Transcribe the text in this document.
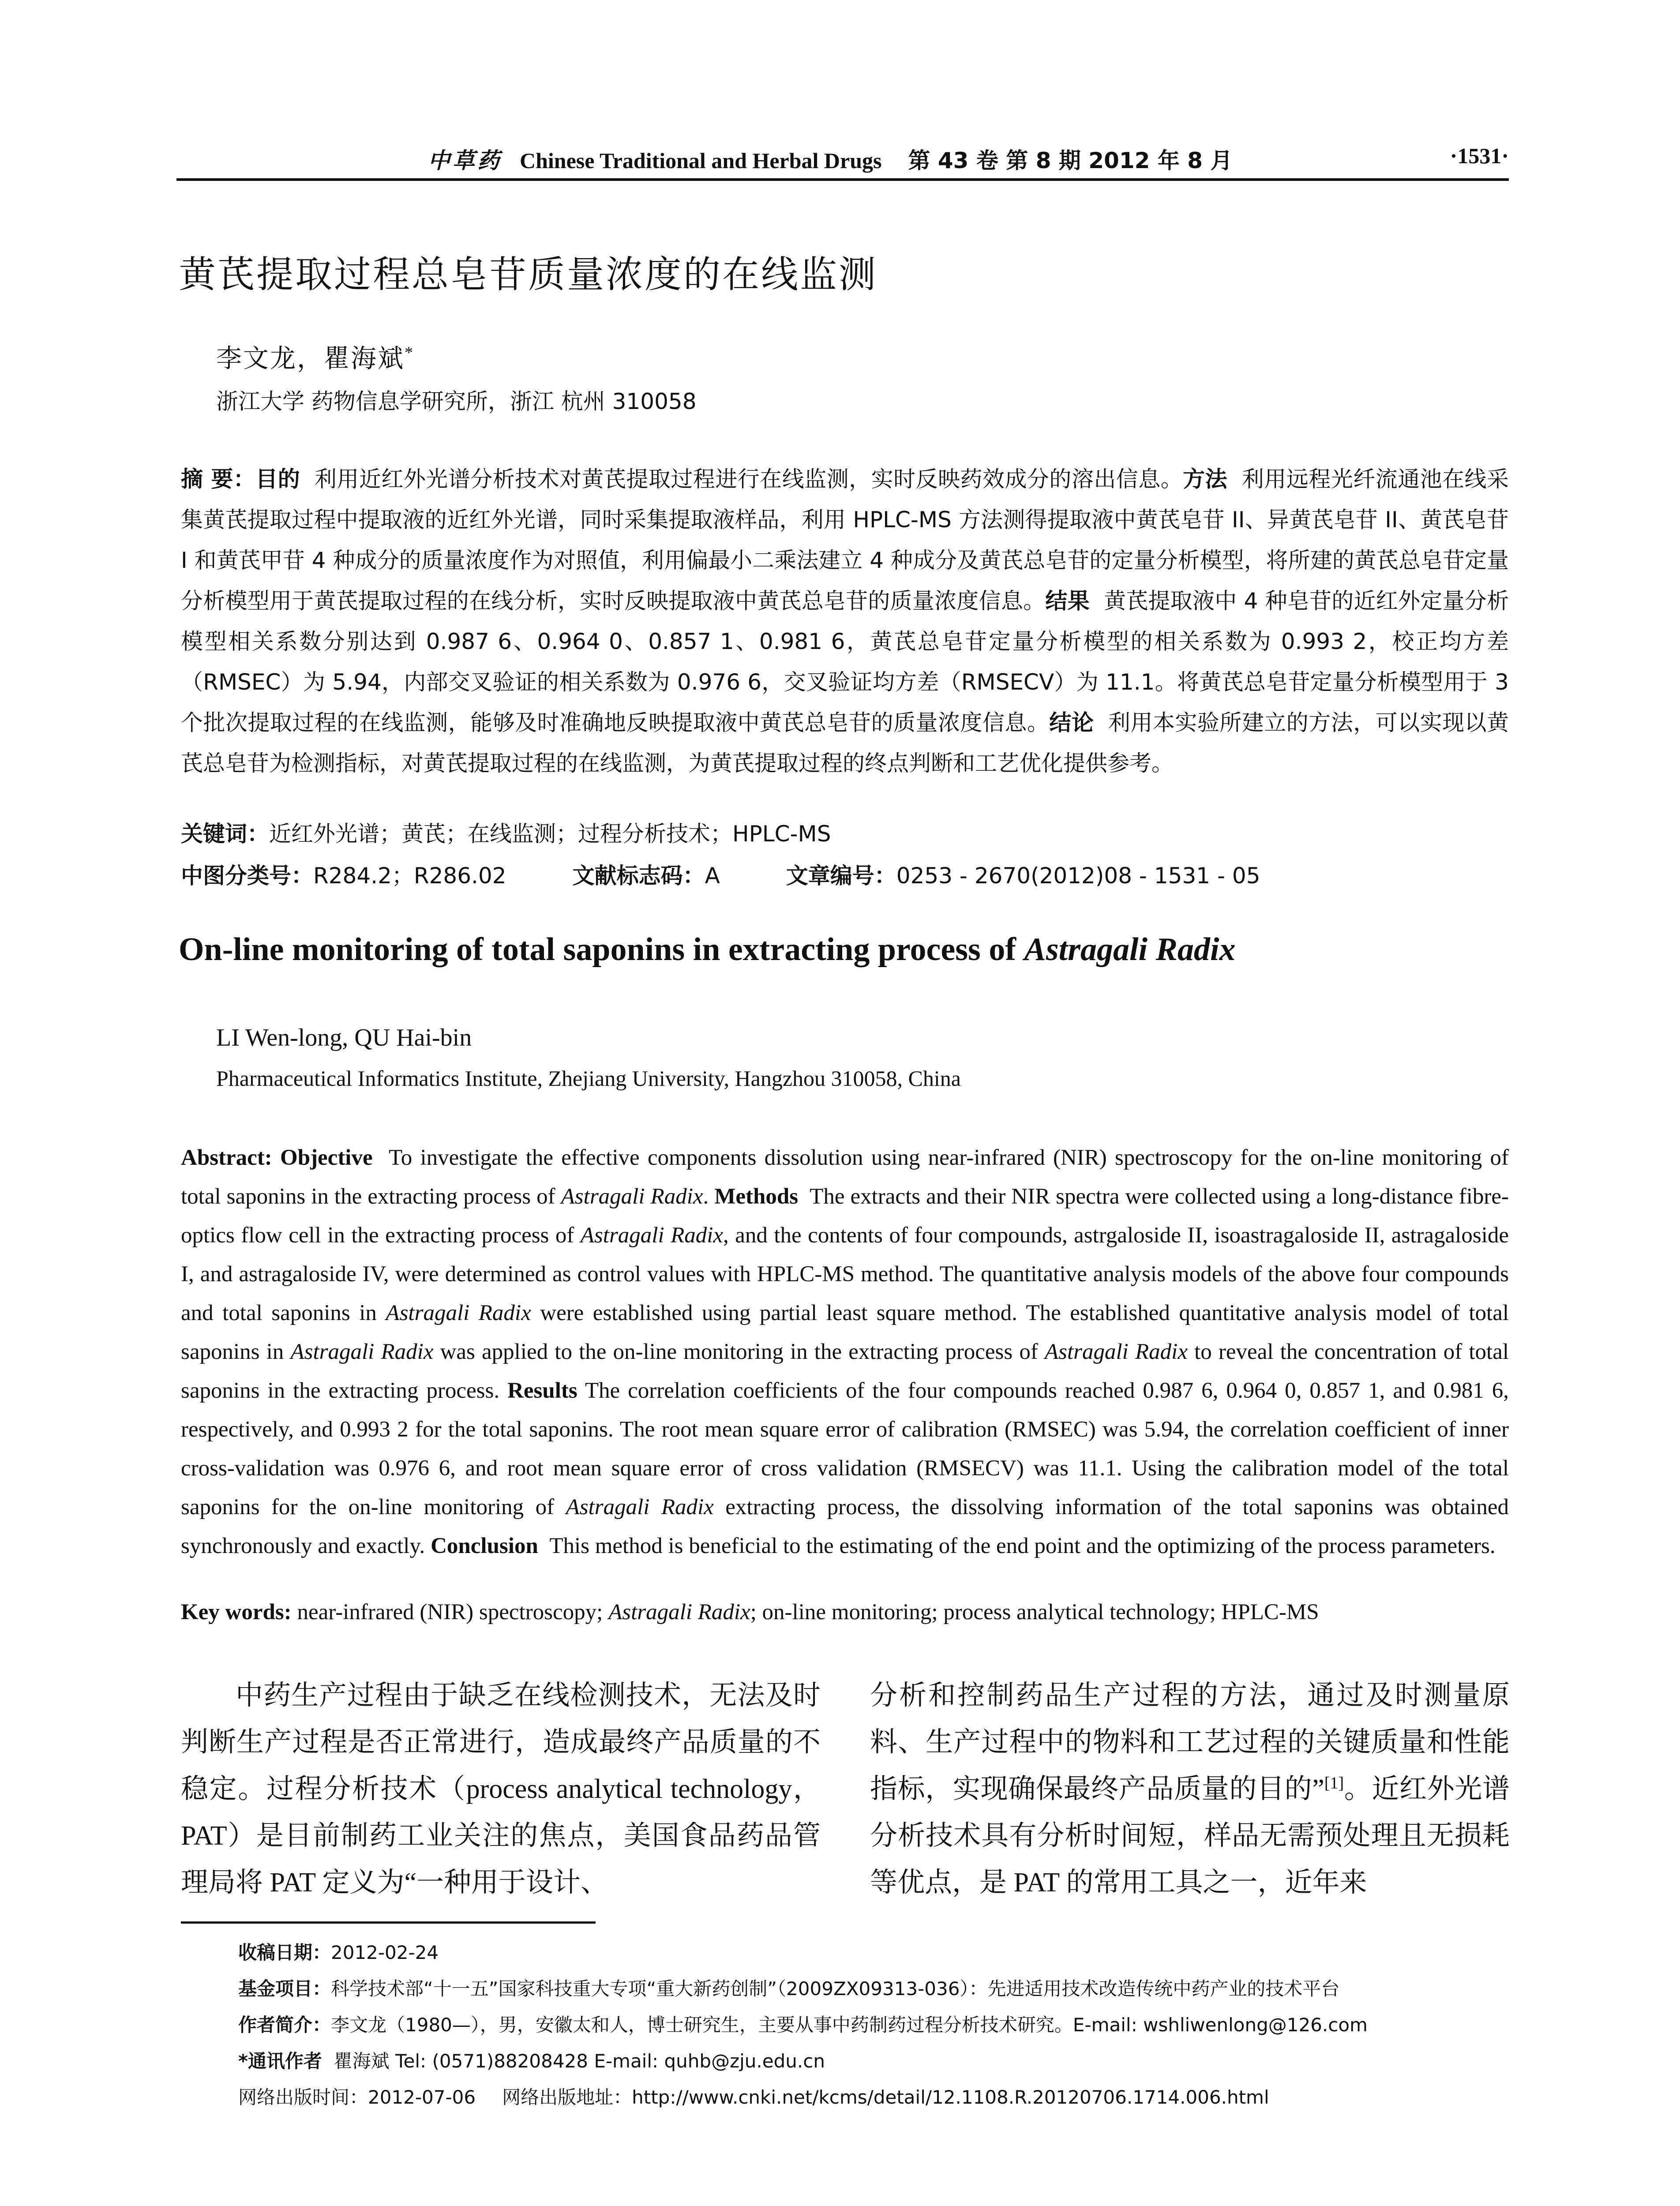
中草药 Chinese Traditional and Herbal Drugs 第 43 卷 第 8 期 2012 年 8 月	·1531·
黄芪提取过程总皂苷质量浓度的在线监测
李文龙，瞿海斌*
浙江大学 药物信息学研究所，浙江 杭州 310058
摘 要：目的 利用近红外光谱分析技术对黄芪提取过程进行在线监测，实时反映药效成分的溶出信息。方法 利用远程光纤流通池在线采集黄芪提取过程中提取液的近红外光谱，同时采集提取液样品，利用 HPLC-MS 方法测得提取液中黄芪皂苷 II、异黄芪皂苷 II、黄芪皂苷 I 和黄芪甲苷 4 种成分的质量浓度作为对照值，利用偏最小二乘法建立 4 种成分及黄芪总皂苷的定量分析模型，将所建的黄芪总皂苷定量分析模型用于黄芪提取过程的在线分析，实时反映提取液中黄芪总皂苷的质量浓度信息。结果 黄芪提取液中 4 种皂苷的近红外定量分析模型相关系数分别达到 0.987 6、0.964 0、0.857 1、0.981 6，黄芪总皂苷定量分析模型的相关系数为 0.993 2，校正均方差（RMSEC）为 5.94，内部交叉验证的相关系数为 0.976 6，交叉验证均方差（RMSECV）为 11.1。将黄芪总皂苷定量分析模型用于 3 个批次提取过程的在线监测，能够及时准确地反映提取液中黄芪总皂苷的质量浓度信息。结论 利用本实验所建立的方法，可以实现以黄芪总皂苷为检测指标，对黄芪提取过程的在线监测，为黄芪提取过程的终点判断和工艺优化提供参考。
关键词：近红外光谱；黄芪；在线监测；过程分析技术；HPLC-MS
中图分类号：R284.2；R286.02	文献标志码：A	文章编号：0253 - 2670(2012)08 - 1531 - 05
On-line monitoring of total saponins in extracting process of Astragali Radix
LI Wen-long, QU Hai-bin
Pharmaceutical Informatics Institute, Zhejiang University, Hangzhou 310058, China
Abstract: Objective To investigate the effective components dissolution using near-infrared (NIR) spectroscopy for the on-line monitoring of total saponins in the extracting process of Astragali Radix. Methods The extracts and their NIR spectra were collected using a long-distance fibre-optics flow cell in the extracting process of Astragali Radix, and the contents of four compounds, astrgaloside II, isoastragaloside II, astragaloside I, and astragaloside IV, were determined as control values with HPLC-MS method. The quantitative analysis models of the above four compounds and total saponins in Astragali Radix were established using partial least square method. The established quantitative analysis model of total saponins in Astragali Radix was applied to the on-line monitoring in the extracting process of Astragali Radix to reveal the concentration of total saponins in the extracting process. Results The correlation coefficients of the four compounds reached 0.987 6, 0.964 0, 0.857 1, and 0.981 6, respectively, and 0.993 2 for the total saponins. The root mean square error of calibration (RMSEC) was 5.94, the correlation coefficient of inner cross-validation was 0.976 6, and root mean square error of cross validation (RMSECV) was 11.1. Using the calibration model of the total saponins for the on-line monitoring of Astragali Radix extracting process, the dissolving information of the total saponins was obtained synchronously and exactly. Conclusion This method is beneficial to the estimating of the end point and the optimizing of the process parameters.
Key words: near-infrared (NIR) spectroscopy; Astragali Radix; on-line monitoring; process analytical technology; HPLC-MS
中药生产过程由于缺乏在线检测技术，无法及时判断生产过程是否正常进行，造成最终产品质量的不稳定。过程分析技术（process analytical technology，PAT）是目前制药工业关注的焦点，美国食品药品管理局将 PAT 定义为“一种用于设计、
分析和控制药品生产过程的方法，通过及时测量原料、生产过程中的物料和工艺过程的关键质量和性能指标，实现确保最终产品质量的目的”[1]。近红外光谱分析技术具有分析时间短，样品无需预处理且无损耗等优点，是 PAT 的常用工具之一，近年来
收稿日期：2012-02-24
基金项目：科学技术部“十一五”国家科技重大专项“重大新药创制”（2009ZX09313-036）：先进适用技术改造传统中药产业的技术平台
作者简介：李文龙（1980—），男，安徽太和人，博士研究生，主要从事中药制药过程分析技术研究。E-mail: wshliwenlong@126.com
*通讯作者 瞿海斌 Tel: (0571)88208428 E-mail: quhb@zju.edu.cn
网络出版时间：2012-07-06 网络出版地址：http://www.cnki.net/kcms/detail/12.1108.R.20120706.1714.006.html
